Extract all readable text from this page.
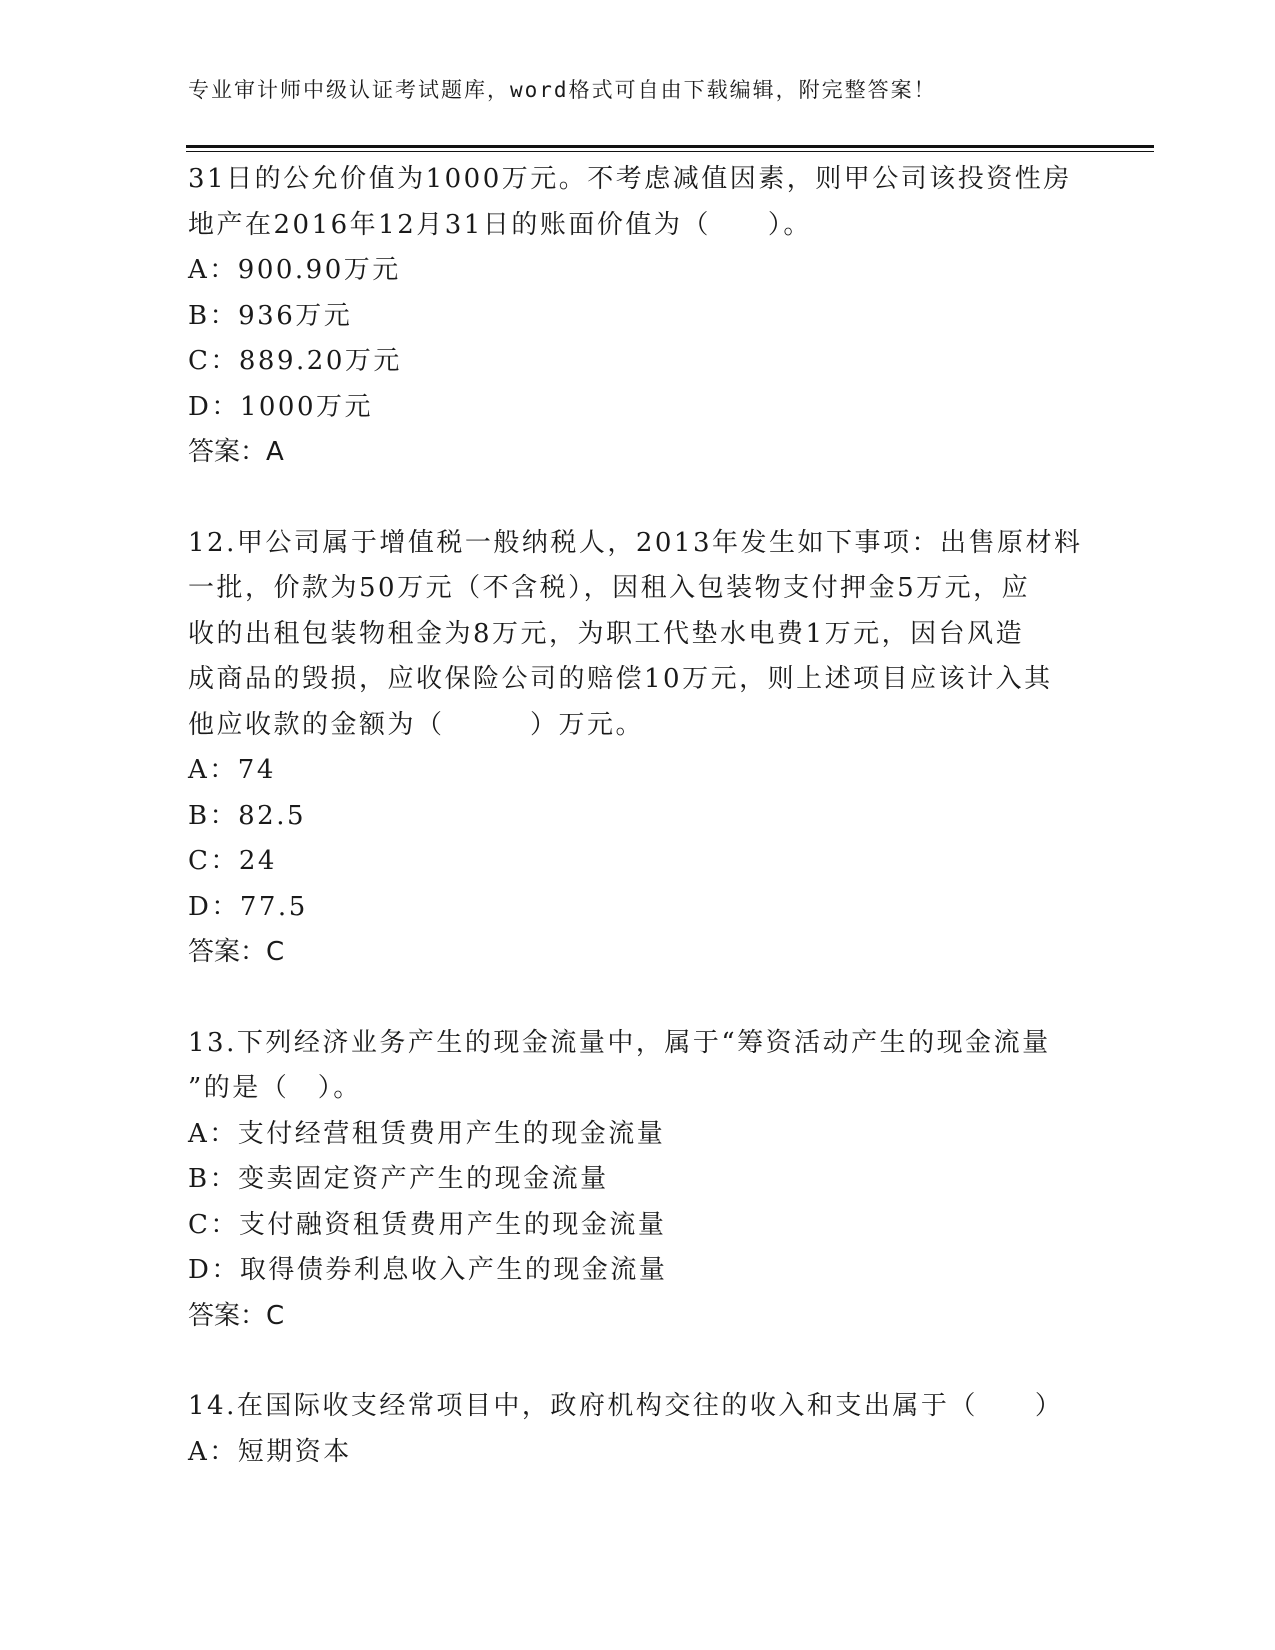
专业审计师中级认证考试题库，word格式可自由下载编辑，附完整答案！
31日的公允价值为1000万元。不考虑减值因素，则甲公司该投资性房
地产在2016年12月31日的账面价值为（　　）。
A：900.90万元
B：936万元
C：889.20万元
D：1000万元
答案：A
12.甲公司属于增值税一般纳税人，2013年发生如下事项：出售原材料
一批，价款为50万元（不含税），因租入包装物支付押金5万元，应
收的出租包装物租金为8万元，为职工代垫水电费1万元，因台风造
成商品的毁损，应收保险公司的赔偿10万元，则上述项目应该计入其
他应收款的金额为（　　　）万元。
A：74
B：82.5
C：24
D：77.5
答案：C
13.下列经济业务产生的现金流量中，属于“筹资活动产生的现金流量
”的是（　）。
A：支付经营租赁费用产生的现金流量
B：变卖固定资产产生的现金流量
C：支付融资租赁费用产生的现金流量
D：取得债券利息收入产生的现金流量
答案：C
14.在国际收支经常项目中，政府机构交往的收入和支出属于（　　）
A：短期资本
